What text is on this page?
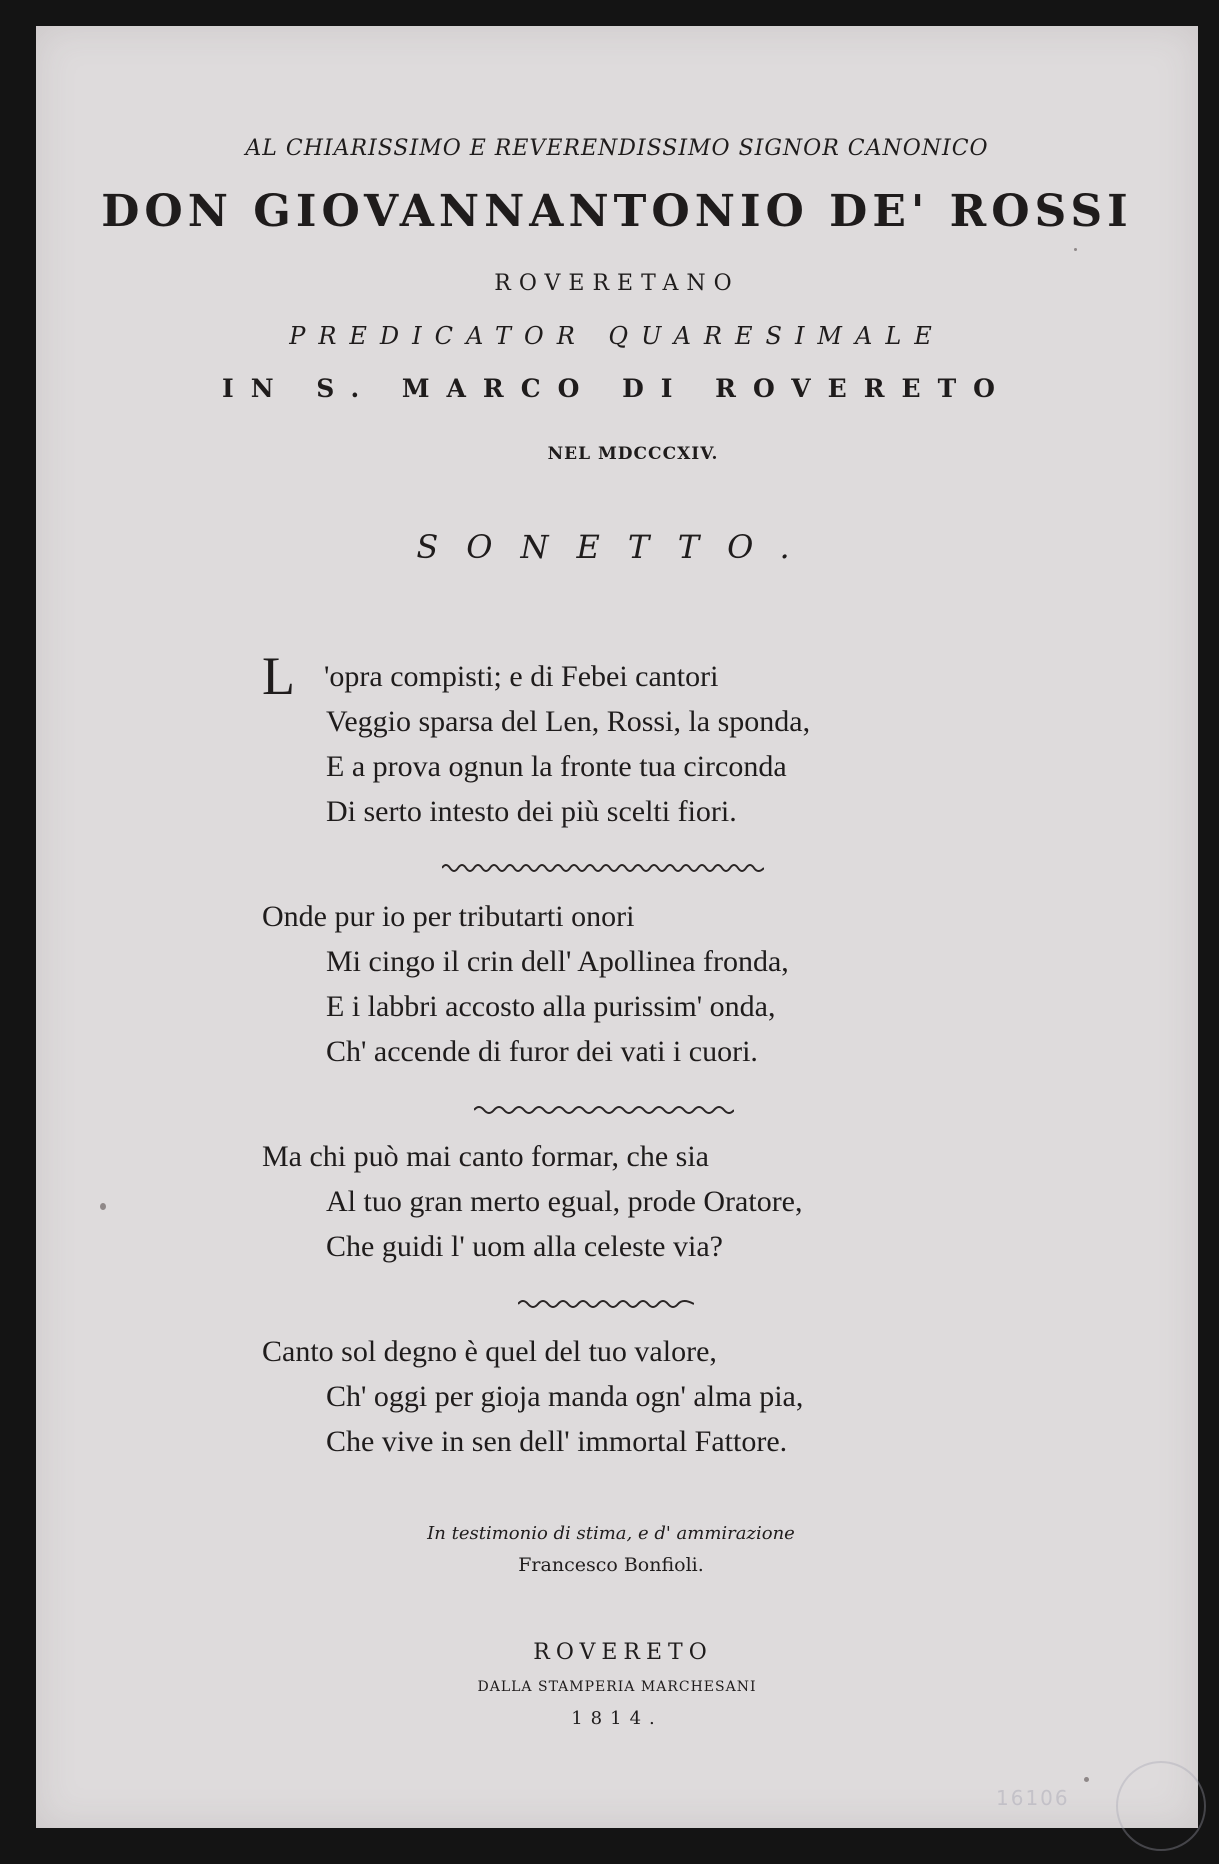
AL CHIARISSIMO E REVERENDISSIMO SIGNOR CANONICO
DON GIOVANNANTONIO DE' ROSSI
ROVERETANO
PREDICATOR QUARESIMALE
IN S. MARCO DI ROVERETO
NEL MDCCCXIV.
SONETTO.
L 'opra compisti; e di Febei cantori
Veggio sparsa del Len, Rossi, la sponda,
E a prova ognun la fronte tua circonda
Di serto intesto dei più scelti fiori.
Onde pur io per tributarti onori
Mi cingo il crin dell' Apollinea fronda,
E i labbri accosto alla purissim' onda,
Ch' accende di furor dei vati i cuori.
Ma chi può mai canto formar, che sia
Al tuo gran merto egual, prode Oratore,
Che guidi l' uom alla celeste via?
Canto sol degno è quel del tuo valore,
Ch' oggi per gioja manda ogn' alma pia,
Che vive in sen dell' immortal Fattore.
In testimonio di stima, e d' ammirazione
Francesco Bonfioli.
ROVERETO
DALLA STAMPERIA MARCHESANI
1814.
16106
